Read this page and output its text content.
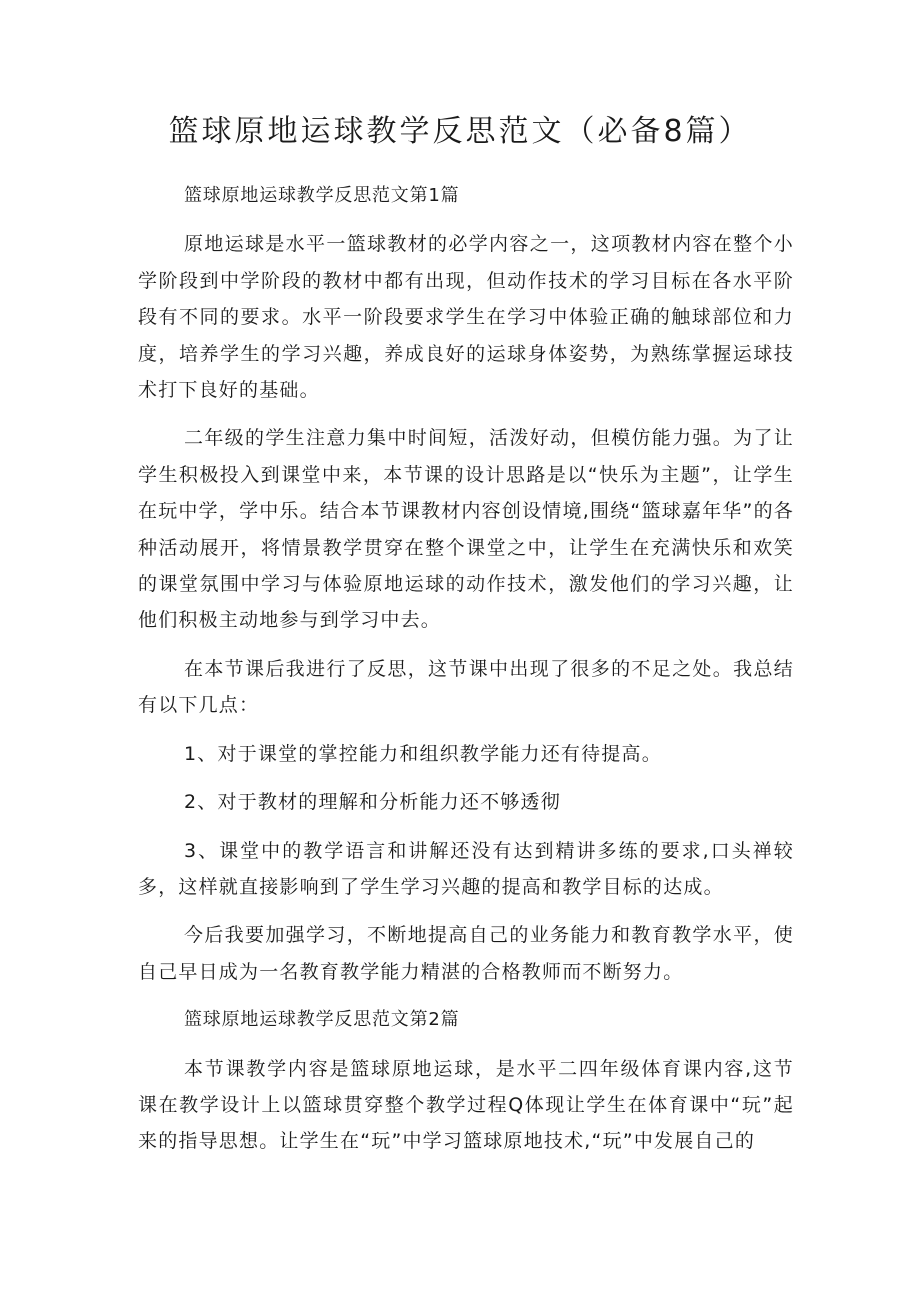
篮球原地运球教学反思范文（必备8篇）

篮球原地运球教学反思范文第1篇

原地运球是水平一篮球教材的必学内容之一，这项教材内容在整个小学阶段到中学阶段的教材中都有出现，但动作技术的学习目标在各水平阶段有不同的要求。水平一阶段要求学生在学习中体验正确的触球部位和力度，培养学生的学习兴趣，养成良好的运球身体姿势，为熟练掌握运球技术打下良好的基础。

二年级的学生注意力集中时间短，活泼好动，但模仿能力强。为了让学生积极投入到课堂中来，本节课的设计思路是以“快乐为主题”，让学生在玩中学，学中乐。结合本节课教材内容创设情境,围绕“篮球嘉年华”的各种活动展开，将情景教学贯穿在整个课堂之中，让学生在充满快乐和欢笑的课堂氛围中学习与体验原地运球的动作技术，激发他们的学习兴趣，让他们积极主动地参与到学习中去。

在本节课后我进行了反思，这节课中出现了很多的不足之处。我总结有以下几点：

1、对于课堂的掌控能力和组织教学能力还有待提高。

2、对于教材的理解和分析能力还不够透彻

3、课堂中的教学语言和讲解还没有达到精讲多练的要求,口头禅较多，这样就直接影响到了学生学习兴趣的提高和教学目标的达成。

今后我要加强学习，不断地提高自己的业务能力和教育教学水平，使自己早日成为一名教育教学能力精湛的合格教师而不断努力。

篮球原地运球教学反思范文第2篇

本节课教学内容是篮球原地运球，是水平二四年级体育课内容,这节课在教学设计上以篮球贯穿整个教学过程Q体现让学生在体育课中“玩”起来的指导思想。让学生在“玩”中学习篮球原地技术,“玩”中发展自己的
